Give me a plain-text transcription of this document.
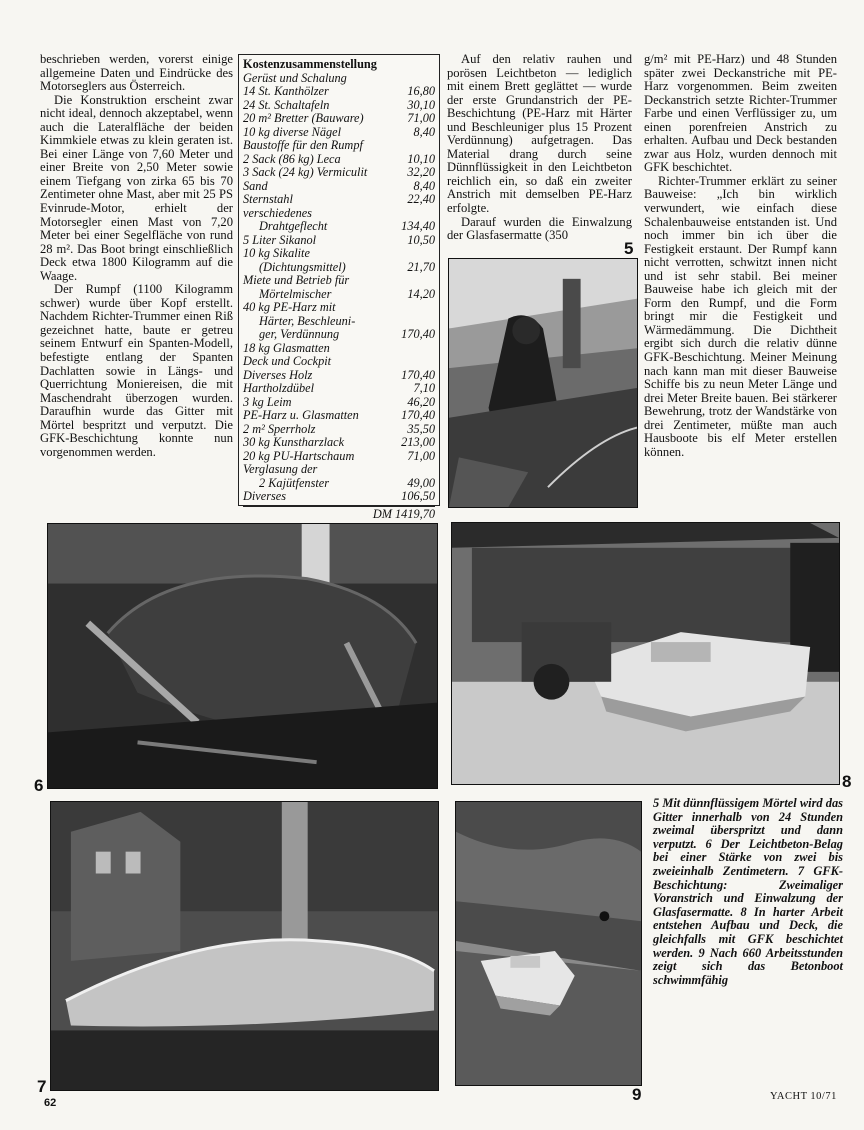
beschrieben werden, vorerst einige allgemeine Daten und Eindrücke des Motorseglers aus Österreich.

Die Konstruktion erscheint zwar nicht ideal, dennoch akzeptabel, wenn auch die Lateralfläche der beiden Kimmkiele etwas zu klein geraten ist. Bei einer Länge von 7,60 Meter und einer Breite von 2,50 Meter sowie einem Tiefgang von zirka 65 bis 70 Zentimeter ohne Mast, aber mit 25 PS Evinrude-Motor, erhielt der Motorsegler einen Mast von 7,20 Meter bei einer Segelfläche von rund 28 m². Das Boot bringt einschließlich Deck etwa 1800 Kilogramm auf die Waage.

Der Rumpf (1100 Kilogramm schwer) wurde über Kopf erstellt. Nachdem Richter-Trummer einen Riß gezeichnet hatte, baute er getreu seinem Entwurf ein Spanten-Modell, befestigte entlang der Spanten Dachlatten sowie in Längs- und Querrichtung Moniereisen, die mit Maschendraht überzogen wurden. Daraufhin wurde das Gitter mit Mörtel bespritzt und verputzt. Die GFK-Beschichtung konnte nun vorgenommen werden.

Kostenzusammenstellung
Gerüst und Schalung
14 St. Kanthölzer	16,80
24 St. Schaltafeln	30,10
20 m² Bretter (Bauware)	71,00
10 kg diverse Nägel	8,40
Baustoffe für den Rumpf
2 Sack (86 kg) Leca	10,10
3 Sack (24 kg) Vermiculit	32,20
Sand	8,40
Sternstahl	22,40
verschiedenes
Drahtgeflecht	134,40
5 Liter Sikanol	10,50
10 kg Sikalite
(Dichtungsmittel)	21,70
Miete und Betrieb für
Mörtelmischer	14,20
40 kg PE-Harz mit
Härter, Beschleuni-
ger, Verdünnung	170,40
18 kg Glasmatten
Deck und Cockpit
Diverses Holz	170,40
Hartholzdübel	7,10
3 kg Leim	46,20
PE-Harz u. Glasmatten	170,40
2 m² Sperrholz	35,50
30 kg Kunstharzlack	213,00
20 kg PU-Hartschaum	71,00
Verglasung der
2 Kajütfenster	49,00
Diverses	106,50
DM 1419,70

Auf den relativ rauhen und porösen Leichtbeton — lediglich mit einem Brett geglättet — wurde der erste Grundanstrich der PE-Beschichtung (PE-Harz mit Härter und Beschleuniger plus 15 Prozent Verdünnung) aufgetragen. Das Material drang durch seine Dünnflüssigkeit in den Leichtbeton reichlich ein, so daß ein zweiter Anstrich mit demselben PE-Harz erfolgte.

Darauf wurden die Einwalzung der Glasfasermatte (350

g/m² mit PE-Harz) und 48 Stunden später zwei Deckanstriche mit PE-Harz vorgenommen. Beim zweiten Deckanstrich setzte Richter-Trummer Farbe und einen Verflüssiger zu, um einen porenfreien Anstrich zu erhalten. Aufbau und Deck bestanden zwar aus Holz, wurden dennoch mit GFK beschichtet.

Richter-Trummer erklärt zu seiner Bauweise: „Ich bin wirklich verwundert, wie einfach diese Schalenbauweise entstanden ist. Und noch immer bin ich über die Festigkeit erstaunt. Der Rumpf kann nicht verrotten, schwitzt innen nicht und ist sehr stabil. Bei meiner Bauweise habe ich gleich mit der Form den Rumpf, und die Form bringt mir die Festigkeit und Wärmedämmung. Die Dichtheit ergibt sich durch die relativ dünne GFK-Beschichtung. Meiner Meinung nach kann man mit dieser Bauweise Schiffe bis zu neun Meter Länge und drei Meter Breite bauen. Bei stärkerer Bewehrung, trotz der Wandstärke von drei Zentimeter, müßte man auch Hausboote bis elf Meter erstellen können.

5
6	8
7	9
5 Mit dünnflüssigem Mörtel wird das Gitter innerhalb von 24 Stunden zweimal überspritzt und dann verputzt. 6 Der Leichtbeton-Belag bei einer Stärke von zwei bis zweieinhalb Zentimetern. 7 GFK-Beschichtung: Zweimaliger Voranstrich und Einwalzung der Glasfasermatte. 8 In harter Arbeit entstehen Aufbau und Deck, die gleichfalls mit GFK beschichtet werden. 9 Nach 660 Arbeitsstunden zeigt sich das Betonboot schwimmfähig
62
YACHT 10/71
